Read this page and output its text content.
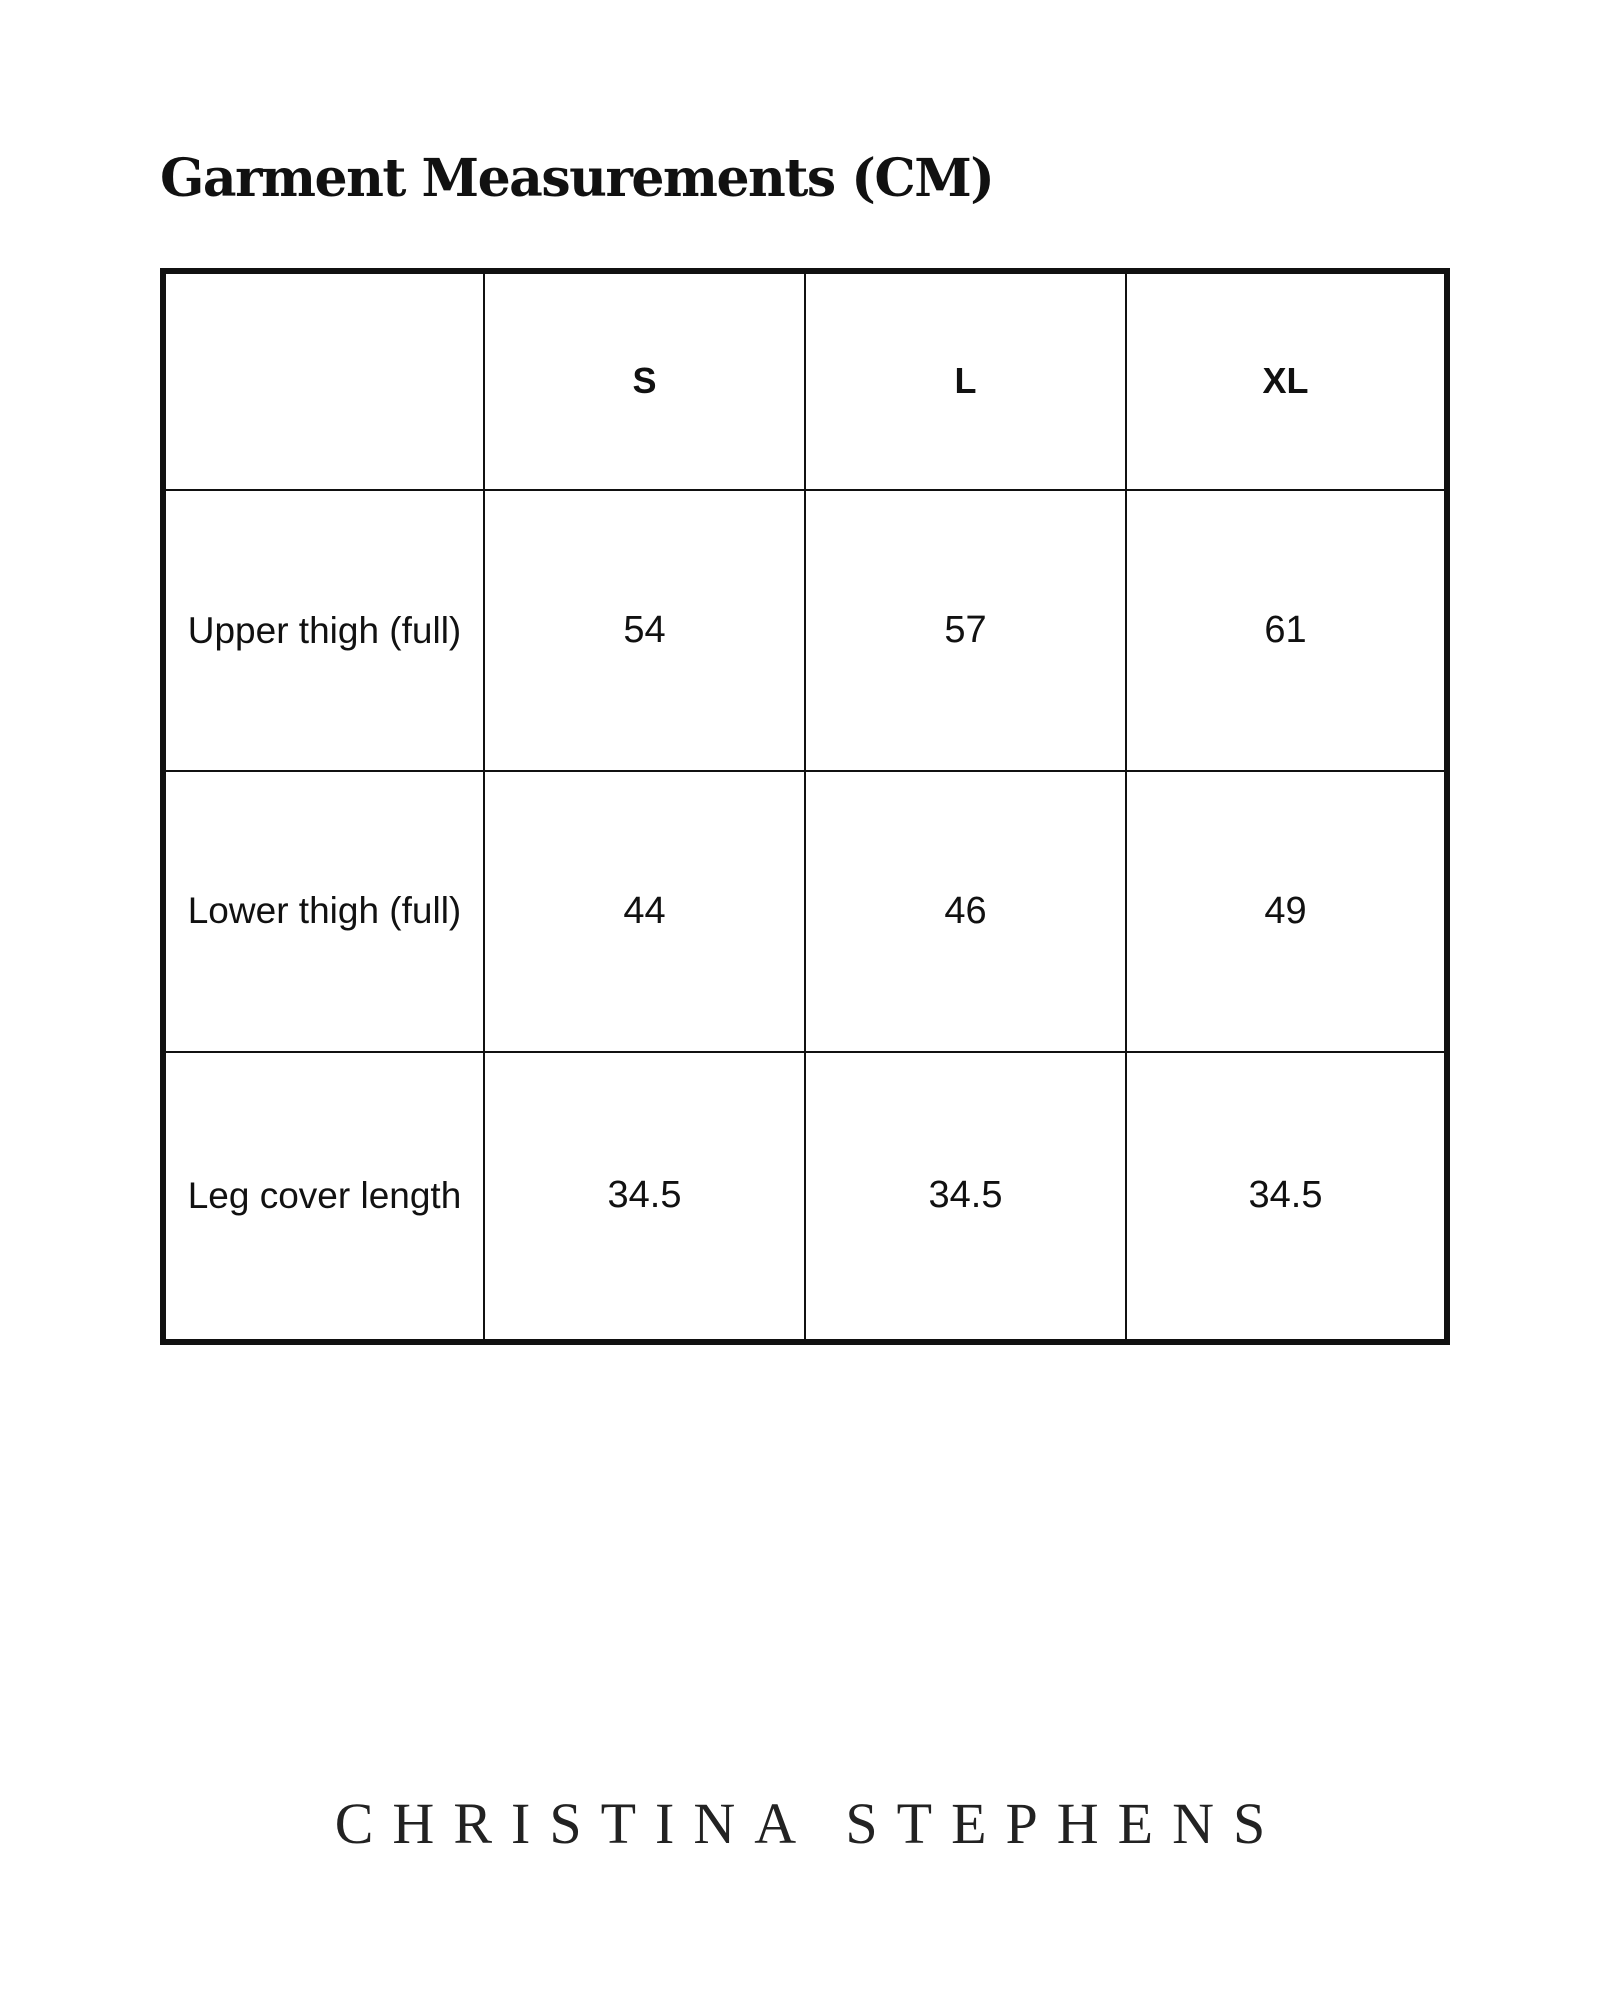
Garment Measurements (CM)
	S	L	XL
Upper thigh (full)	54	57	61
Lower thigh (full)	44	46	49
Leg cover length	34.5	34.5	34.5
CHRISTINA STEPHENS
